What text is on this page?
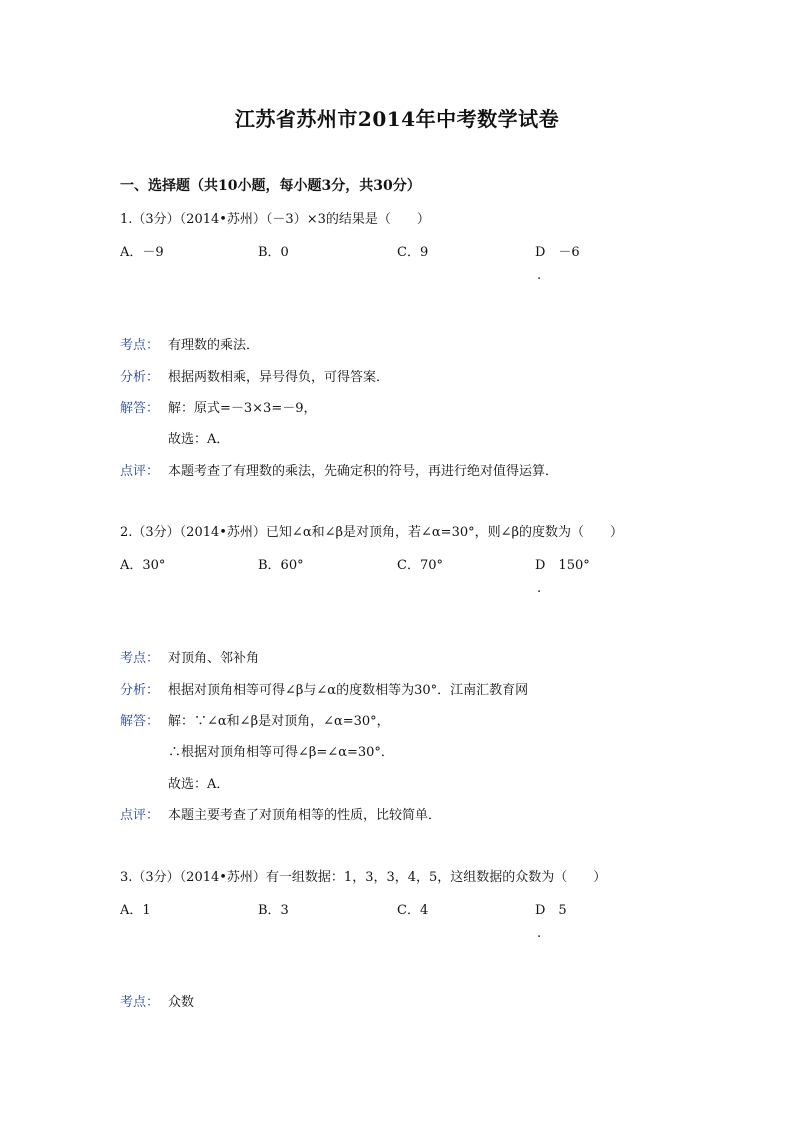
江苏省苏州市2014年中考数学试卷
一、选择题（共10小题，每小题3分，共30分）
1.（3分）（2014•苏州）（－3）×3的结果是（　　）
A．－9	B．0	C．9	D　－6
.
考点： 有理数的乘法．
分析： 根据两数相乘，异号得负，可得答案．
解答： 解：原式=－3×3=－9，
故选：A．
点评： 本题考查了有理数的乘法，先确定积的符号，再进行绝对值得运算．
2.（3分）（2014•苏州）已知∠α和∠β是对顶角，若∠α=30°，则∠β的度数为（　　）
A．30°	B．60°	C．70°	D　150°
.
考点： 对顶角、邻补角
分析： 根据对顶角相等可得∠β与∠α的度数相等为30°．江南汇教育网
解答： 解：∵∠α和∠β是对顶角，∠α=30°，
∴根据对顶角相等可得∠β=∠α=30°．
故选：A．
点评： 本题主要考查了对顶角相等的性质，比较简单．
3.（3分）（2014•苏州）有一组数据：1，3，3，4，5，这组数据的众数为（　　）
A．1	B．3	C．4	D　5
.
考点： 众数
